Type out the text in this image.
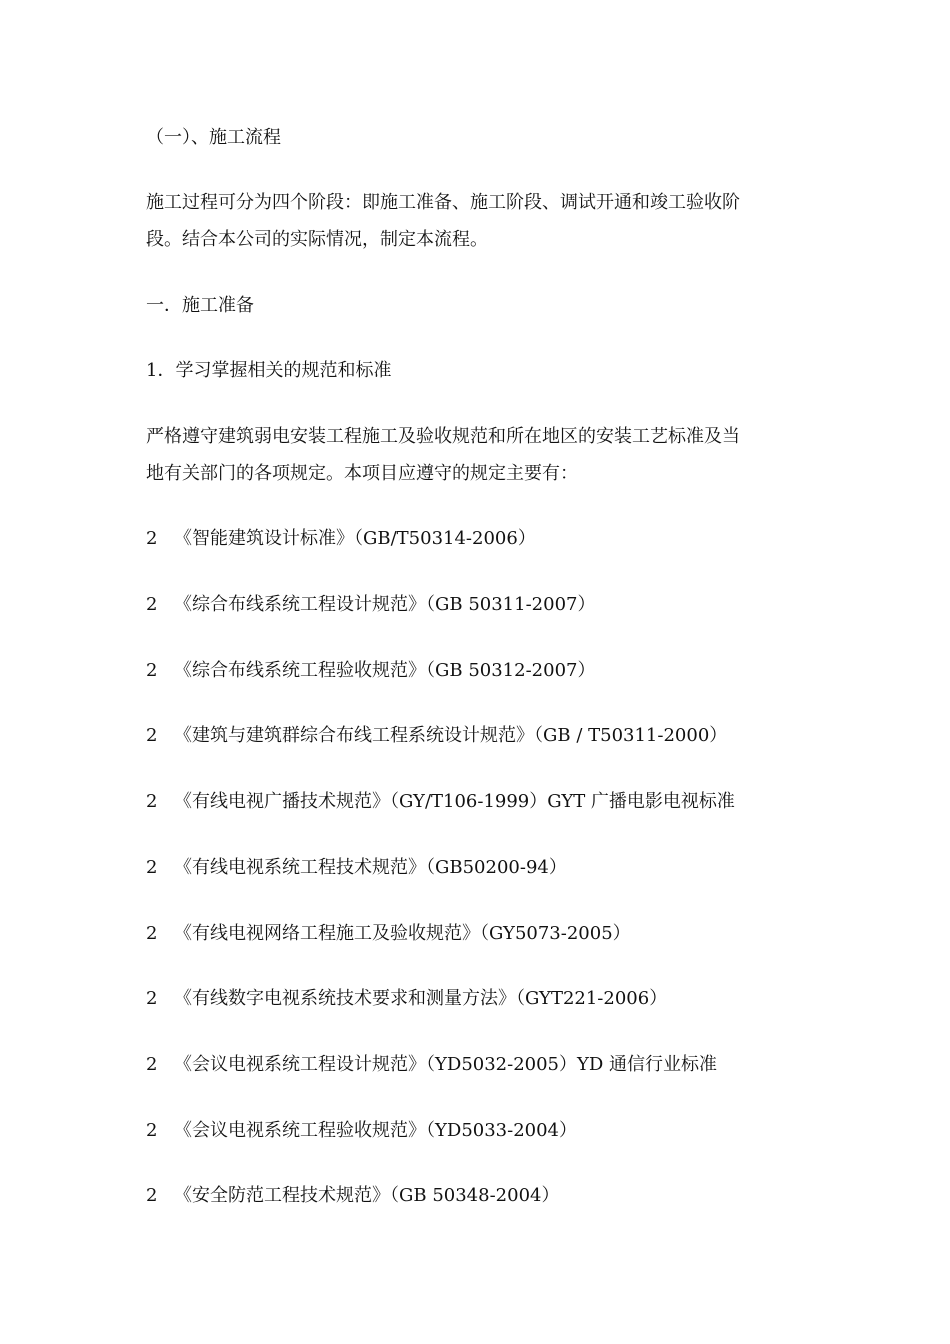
（一）、施工流程
施工过程可分为四个阶段：即施工准备、施工阶段、调试开通和竣工验收阶
段。结合本公司的实际情况，制定本流程。
一．施工准备
1．学习掌握相关的规范和标准
严格遵守建筑弱电安装工程施工及验收规范和所在地区的安装工艺标准及当
地有关部门的各项规定。本项目应遵守的规定主要有：
2 《智能建筑设计标准》（GB/T50314-2006）
2 《综合布线系统工程设计规范》（GB 50311-2007）
2 《综合布线系统工程验收规范》（GB 50312-2007）
2 《建筑与建筑群综合布线工程系统设计规范》（GB / T50311-2000）
2 《有线电视广播技术规范》（GY/T106-1999）GYT 广播电影电视标准
2 《有线电视系统工程技术规范》（GB50200-94）
2 《有线电视网络工程施工及验收规范》（GY5073-2005）
2 《有线数字电视系统技术要求和测量方法》（GYT221-2006）
2 《会议电视系统工程设计规范》（YD5032-2005）YD 通信行业标准
2 《会议电视系统工程验收规范》（YD5033-2004）
2 《安全防范工程技术规范》（GB 50348-2004）
